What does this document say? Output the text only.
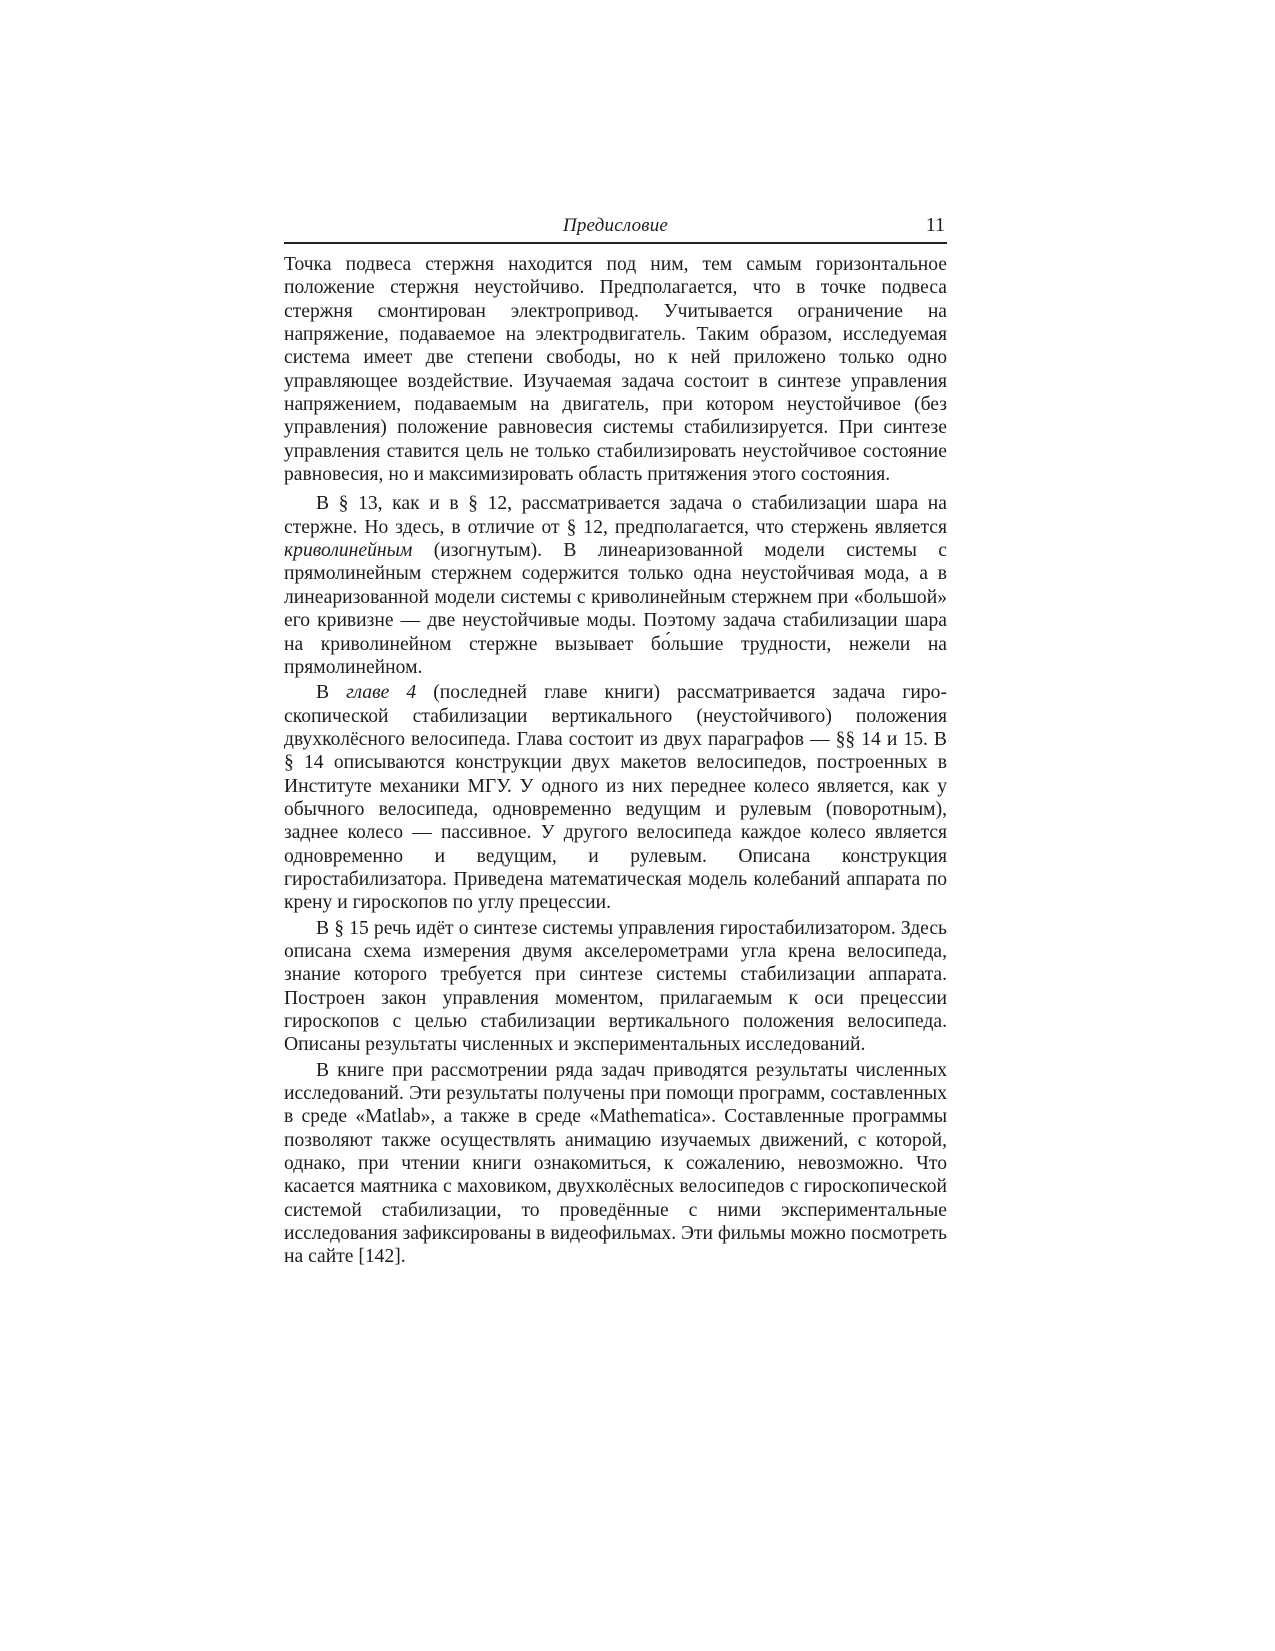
Предисловие	11

Точка подвеса стержня находится под ним, тем самым горизонтальное положение стержня неустойчиво. Предполагается, что в точке подвеса стержня смонтирован электропривод. Учитывается ограничение на напряжение, подаваемое на электродвигатель. Таким образом, исследуемая система имеет две степени свободы, но к ней приложено только одно управляющее воздействие. Изучаемая задача состоит в синтезе управления напряжением, подаваемым на двигатель, при котором неустойчивое (без управления) положение равновесия системы стабилизируется. При синтезе управления ставится цель не только стабилизировать неустойчивое состояние равновесия, но и максимизировать область притяжения этого состояния.

В § 13, как и в § 12, рассматривается задача о стабилизации шара на стержне. Но здесь, в отличие от § 12, предполагается, что стержень является криволинейным (изогнутым). В линеаризованной модели системы с прямолинейным стержнем содержится только одна неустойчивая мода, а в линеаризованной модели системы с криволинейным стержнем при «большой» его кривизне — две неустойчивые моды. Поэтому задача стабилизации шара на криволинейном стержне вызывает бо́льшие трудности, нежели на прямолинейном.

В главе 4 (последней главе книги) рассматривается задача гироскопической стабилизации вертикального (неустойчивого) положения двухколёсного велосипеда. Глава состоит из двух параграфов — §§ 14 и 15. В § 14 описываются конструкции двух макетов велосипедов, построенных в Институте механики МГУ. У одного из них переднее колесо является, как у обычного велосипеда, одновременно ведущим и рулевым (поворотным), заднее колесо — пассивное. У другого велосипеда каждое колесо является одновременно и ведущим, и рулевым. Описана конструкция гиростабилизатора. Приведена математическая модель колебаний аппарата по крену и гироскопов по углу прецессии.

В § 15 речь идёт о синтезе системы управления гиростабилизатором. Здесь описана схема измерения двумя акселерометрами угла крена велосипеда, знание которого требуется при синтезе системы стабилизации аппарата. Построен закон управления моментом, прилагаемым к оси прецессии гироскопов с целью стабилизации вертикального положения велосипеда. Описаны результаты численных и экспериментальных исследований.

В книге при рассмотрении ряда задач приводятся результаты численных исследований. Эти результаты получены при помощи программ, составленных в среде «Matlab», а также в среде «Mathematica». Составленные программы позволяют также осуществлять анимацию изучаемых движений, с которой, однако, при чтении книги ознакомиться, к сожалению, невозможно. Что касается маятника с маховиком, двухколёсных велосипедов с гироскопической системой стабилизации, то проведённые с ними экспериментальные исследования зафиксированы в видеофильмах. Эти фильмы можно посмотреть на сайте [142].
